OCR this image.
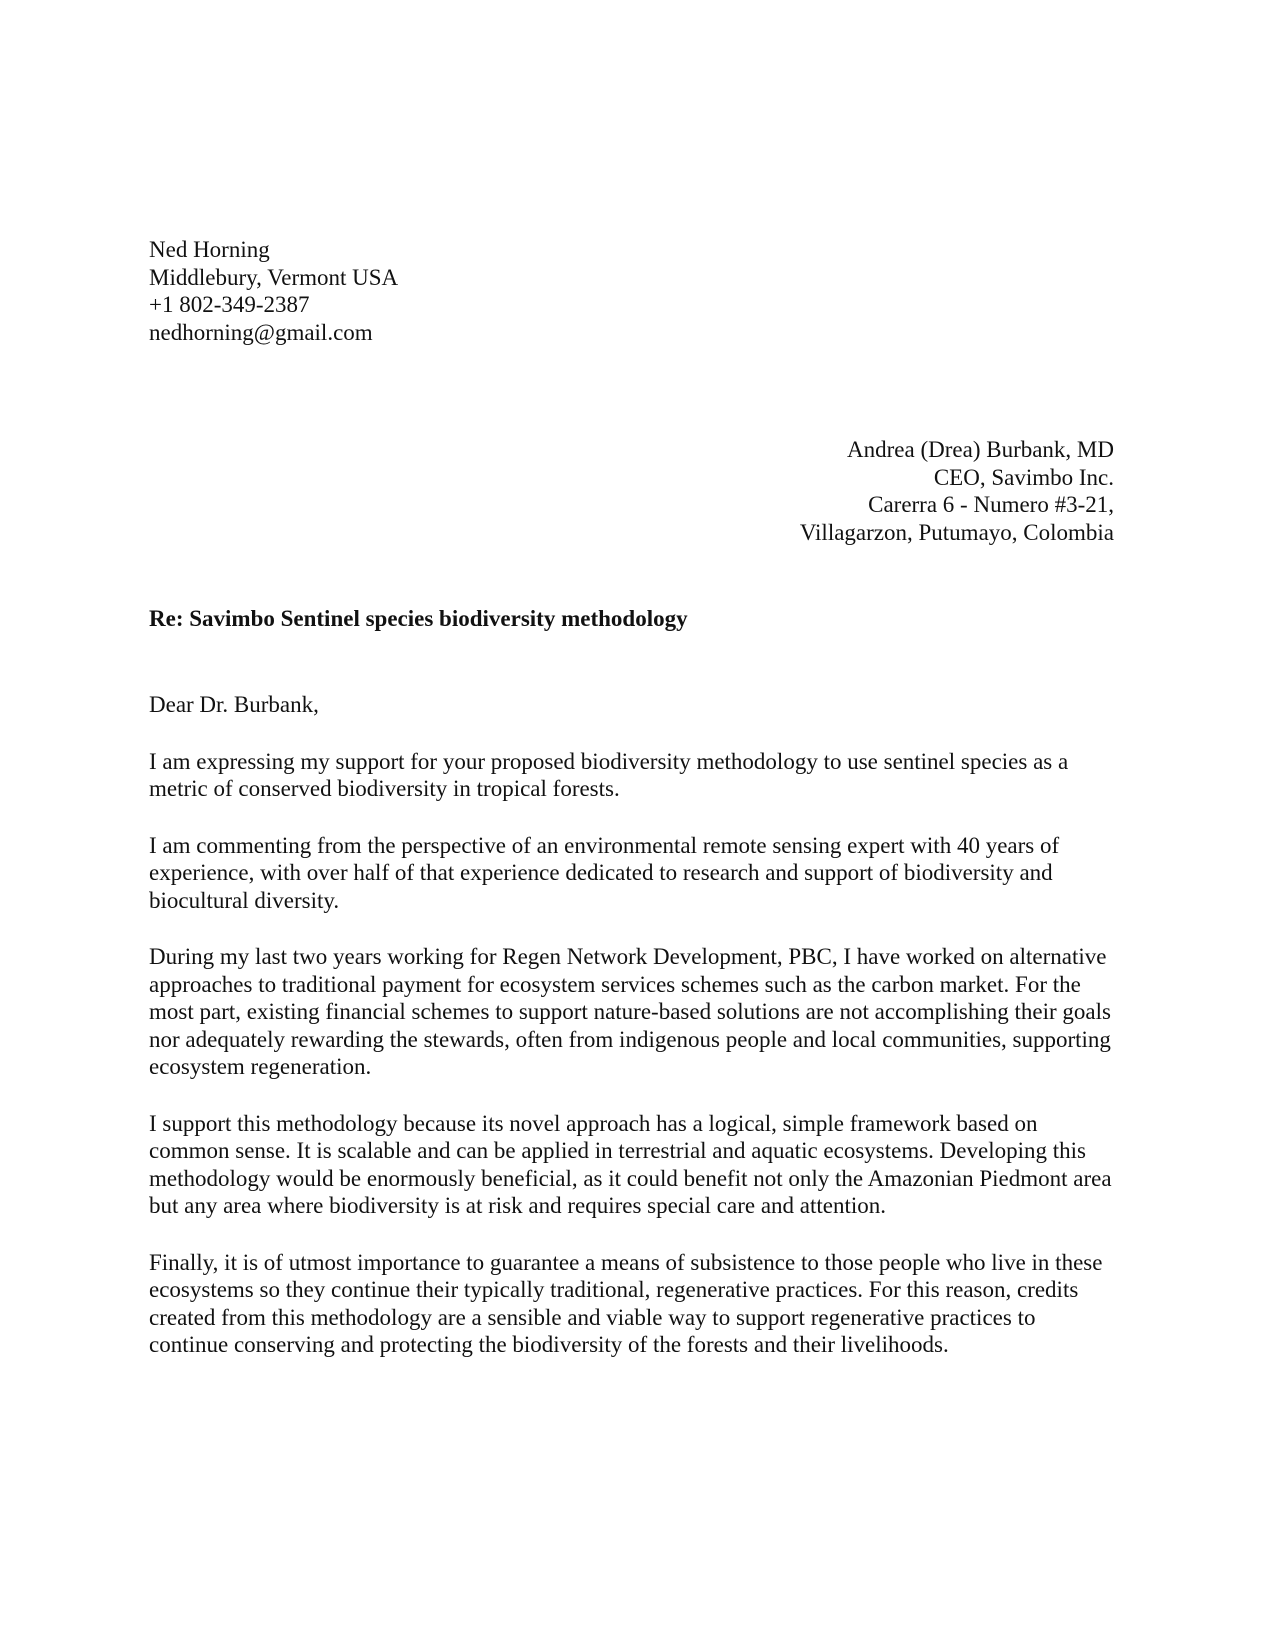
Ned Horning
Middlebury, Vermont USA
+1 802-349-2387
nedhorning@gmail.com
Andrea (Drea) Burbank, MD
CEO, Savimbo Inc.
Carerra 6 - Numero #3-21,
Villagarzon, Putumayo, Colombia
Re: Savimbo Sentinel species biodiversity methodology
Dear Dr. Burbank,
I am expressing my support for your proposed biodiversity methodology to use sentinel species as a metric of conserved biodiversity in tropical forests.
I am commenting from the perspective of an environmental remote sensing expert with 40 years of experience, with over half of that experience dedicated to research and support of biodiversity and biocultural diversity.
During my last two years working for Regen Network Development, PBC, I have worked on alternative approaches to traditional payment for ecosystem services schemes such as the carbon market. For the most part, existing financial schemes to support nature-based solutions are not accomplishing their goals nor adequately rewarding the stewards, often from indigenous people and local communities, supporting ecosystem regeneration.
I support this methodology because its novel approach has a logical, simple framework based on common sense. It is scalable and can be applied in terrestrial and aquatic ecosystems. Developing this methodology would be enormously beneficial, as it could benefit not only the Amazonian Piedmont area but any area where biodiversity is at risk and requires special care and attention.
Finally, it is of utmost importance to guarantee a means of subsistence to those people who live in these ecosystems so they continue their typically traditional, regenerative practices. For this reason, credits created from this methodology are a sensible and viable way to support regenerative practices to continue conserving and protecting the biodiversity of the forests and their livelihoods.
